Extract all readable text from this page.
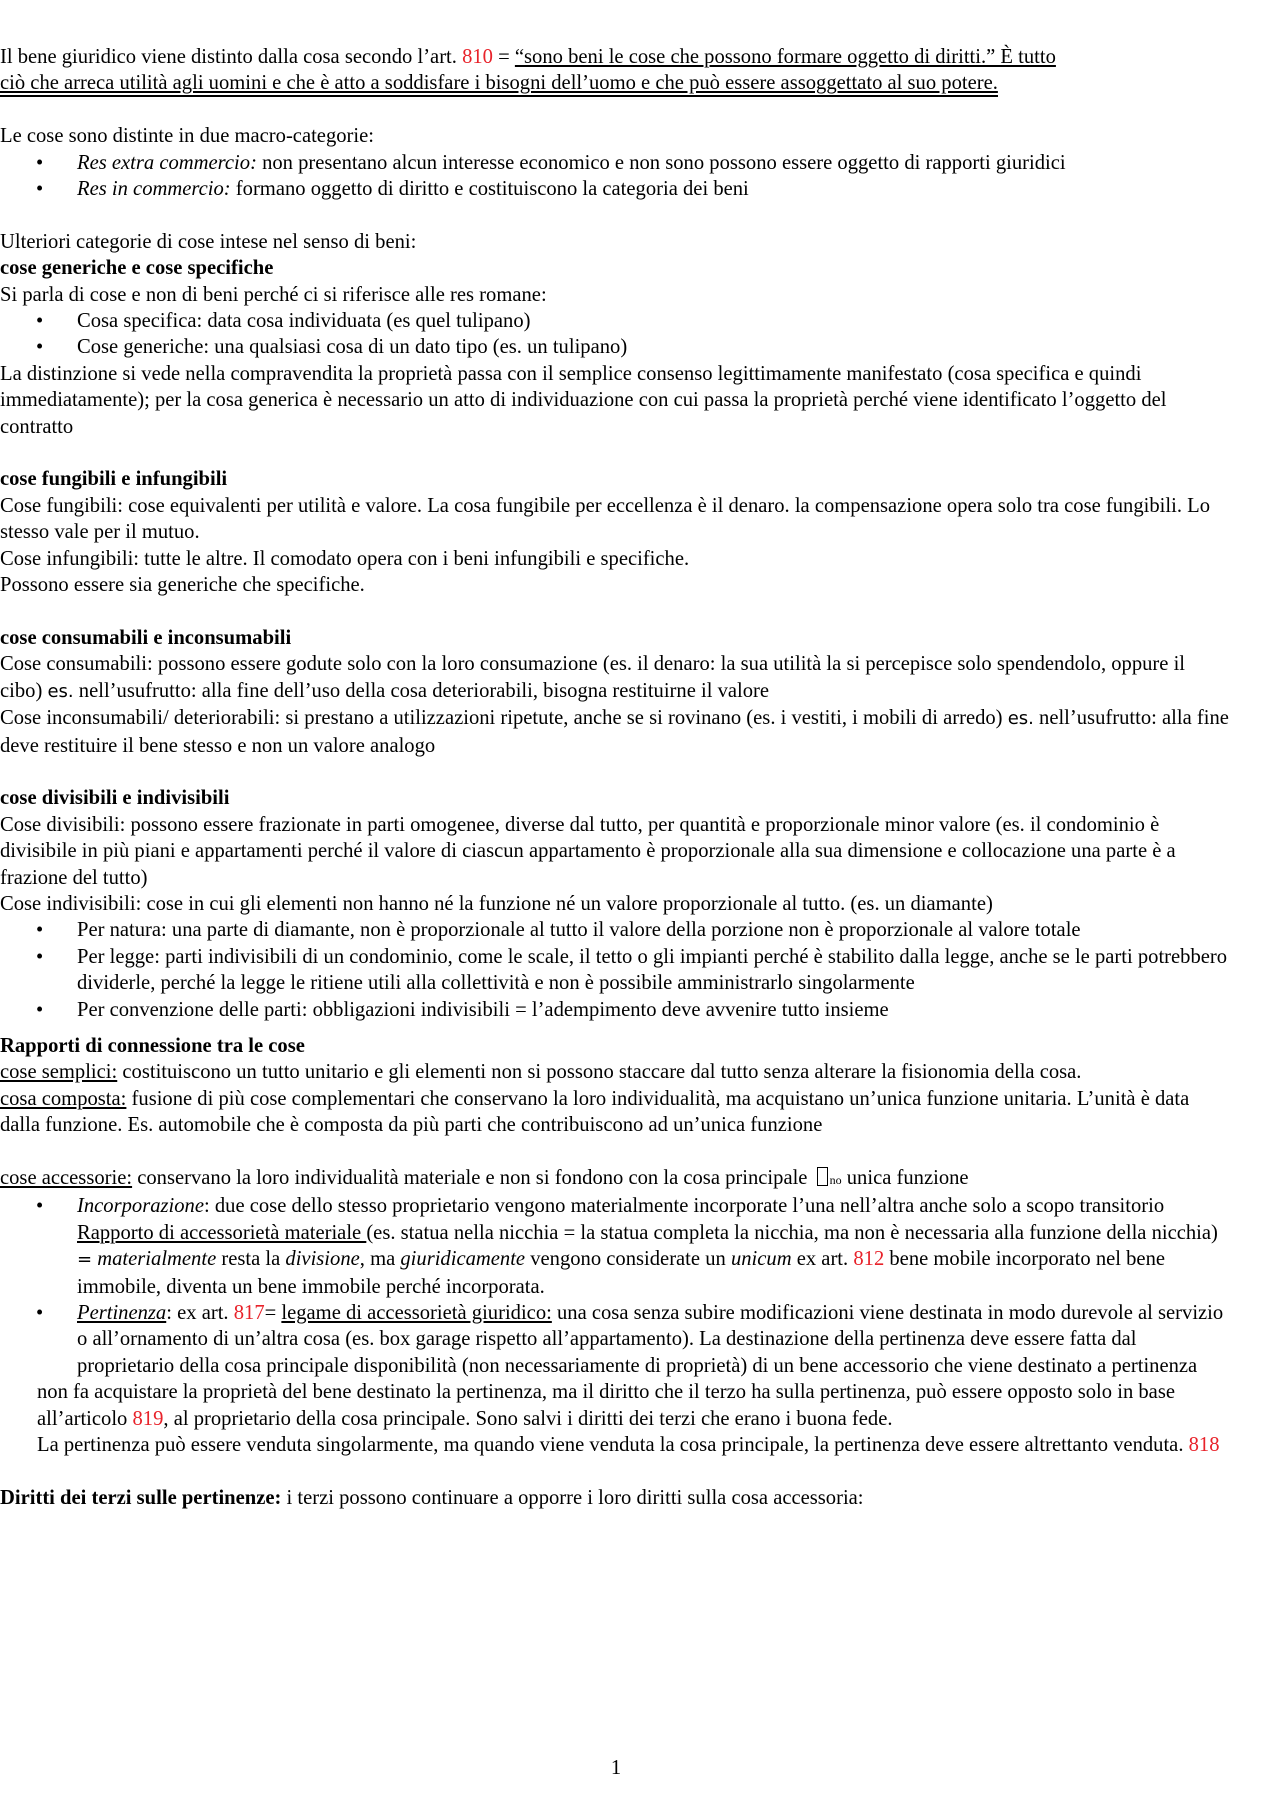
Il bene giuridico viene distinto dalla cosa secondo l’art. 810 = “sono beni le cose che possono formare oggetto di diritti.” È tutto
ciò che arreca utilità agli uomini e che è atto a soddisfare i bisogni dell’uomo e che può essere assoggettato al suo potere.

Le cose sono distinte in due macro-categorie:

• Res extra commercio: non presentano alcun interesse economico e non sono possono essere oggetto di rapporti giuridici
• Res in commercio: formano oggetto di diritto e costituiscono la categoria dei beni

Ulteriori categorie di cose intese nel senso di beni:

cose generiche e cose specifiche

Si parla di cose e non di beni perché ci si riferisce alle res romane:

• Cosa specifica: data cosa individuata (es quel tulipano)
• Cose generiche: una qualsiasi cosa di un dato tipo (es. un tulipano)

La distinzione si vede nella compravendita la proprietà passa con il semplice consenso legittimamente manifestato (cosa specifica e quindi immediatamente); per la cosa generica è necessario un atto di individuazione con cui passa la proprietà perché viene identificato l’oggetto del contratto

cose fungibili e infungibili

Cose fungibili: cose equivalenti per utilità e valore. La cosa fungibile per eccellenza è il denaro. la compensazione opera solo tra cose fungibili. Lo stesso vale per il mutuo.

Cose infungibili: tutte le altre. Il comodato opera con i beni infungibili e specifiche.

Possono essere sia generiche che specifiche.

cose consumabili e inconsumabili

Cose consumabili: possono essere godute solo con la loro consumazione (es. il denaro: la sua utilità la si percepisce solo spendendolo, oppure il cibo) es. nell’usufrutto: alla fine dell’uso della cosa deteriorabili, bisogna restituirne il valore

Cose inconsumabili/ deteriorabili: si prestano a utilizzazioni ripetute, anche se si rovinano (es. i vestiti, i mobili di arredo) es. nell’usufrutto: alla fine deve restituire il bene stesso e non un valore analogo

cose divisibili e indivisibili

Cose divisibili: possono essere frazionate in parti omogenee, diverse dal tutto, per quantità e proporzionale minor valore (es. il condominio è divisibile in più piani e appartamenti perché il valore di ciascun appartamento è proporzionale alla sua dimensione e collocazione una parte è a frazione del tutto)

Cose indivisibili: cose in cui gli elementi non hanno né la funzione né un valore proporzionale al tutto. (es. un diamante)

• Per natura: una parte di diamante, non è proporzionale al tutto il valore della porzione non è proporzionale al valore totale
• Per legge: parti indivisibili di un condominio, come le scale, il tetto o gli impianti perché è stabilito dalla legge, anche se le parti potrebbero dividerle, perché la legge le ritiene utili alla collettività e non è possibile amministrarlo singolarmente
• Per convenzione delle parti: obbligazioni indivisibili = l’adempimento deve avvenire tutto insieme

Rapporti di connessione tra le cose

cose semplici: costituiscono un tutto unitario e gli elementi non si possono staccare dal tutto senza alterare la fisionomia della cosa.

cosa composta: fusione di più cose complementari che conservano la loro individualità, ma acquistano un’unica funzione unitaria. L’unità è data dalla funzione. Es. automobile che è composta da più parti che contribuiscono ad un’unica funzione

cose accessorie: conservano la loro individualità materiale e non si fondono con la cosa principale no unica funzione

• Incorporazione: due cose dello stesso proprietario vengono materialmente incorporate l’una nell’altra anche solo a scopo transitorio Rapporto di accessorietà materiale (es. statua nella nicchia = la statua completa la nicchia, ma non è necessaria alla funzione della nicchia) = materialmente resta la divisione, ma giuridicamente vengono considerate un unicum ex art. 812 bene mobile incorporato nel bene immobile, diventa un bene immobile perché incorporata.
• Pertinenza: ex art. 817= legame di accessorietà giuridico: una cosa senza subire modificazioni viene destinata in modo durevole al servizio o all’ornamento di un’altra cosa (es. box garage rispetto all’appartamento). La destinazione della pertinenza deve essere fatta dal proprietario della cosa principale disponibilità (non necessariamente di proprietà) di un bene accessorio che viene destinato a pertinenza

non fa acquistare la proprietà del bene destinato la pertinenza, ma il diritto che il terzo ha sulla pertinenza, può essere opposto solo in base all’articolo 819, al proprietario della cosa principale. Sono salvi i diritti dei terzi che erano i buona fede.

La pertinenza può essere venduta singolarmente, ma quando viene venduta la cosa principale, la pertinenza deve essere altrettanto venduta. 818

Diritti dei terzi sulle pertinenze: i terzi possono continuare a opporre i loro diritti sulla cosa accessoria:

1
